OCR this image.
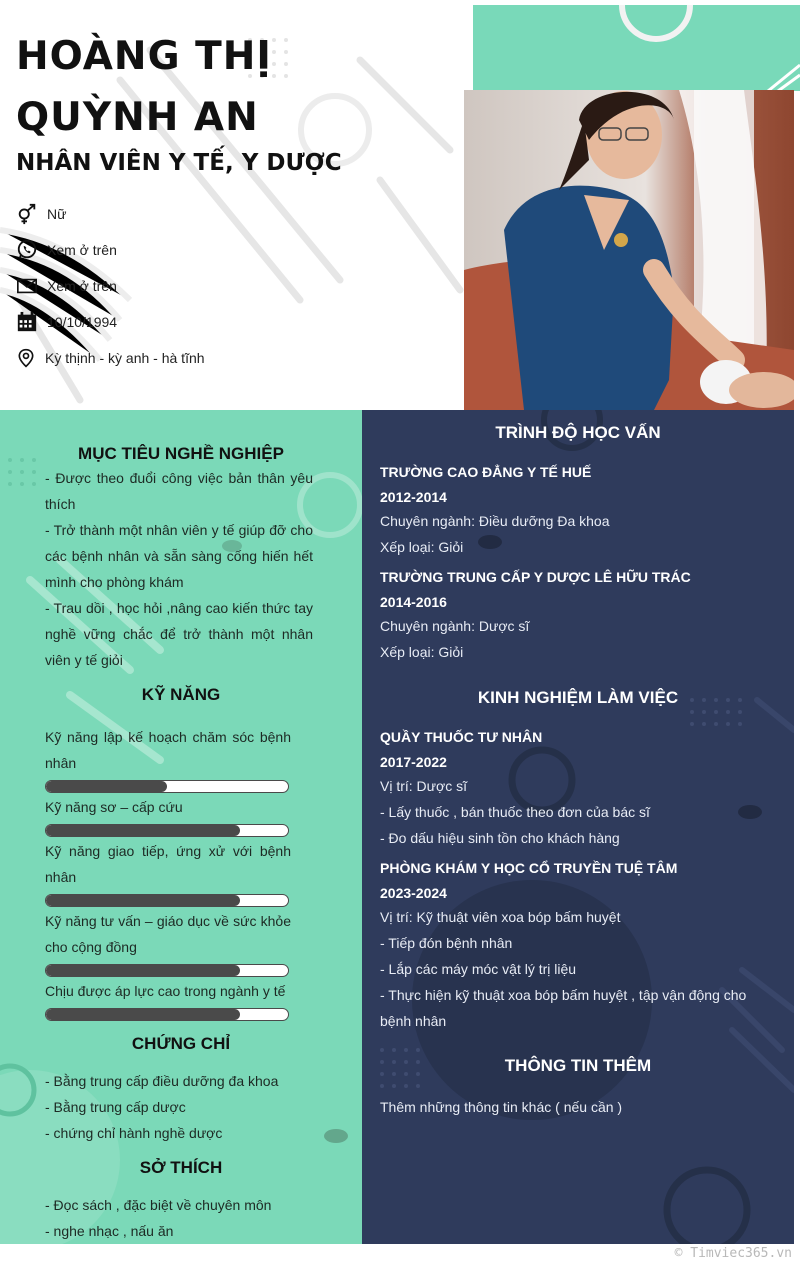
HOÀNG THỊ
QUỲNH AN
NHÂN VIÊN Y TẾ, Y DƯỢC
Nữ
Xem ở trên
Xem ở trên
10/10/1994
Kỳ thịnh - kỳ anh - hà tĩnh
MỤC TIÊU NGHỀ NGHIỆP
- Được theo đuổi công việc bản thân yêu thích
- Trở thành một nhân viên y tế giúp đỡ cho các bệnh nhân và sẵn sàng cống hiến hết mình cho phòng khám
- Trau dồi , học hỏi ,nâng cao kiến thức tay nghề vững chắc để trở thành một nhân viên y tế giỏi
KỸ NĂNG
Kỹ năng lập kế hoạch chăm sóc bệnh nhân
Kỹ năng sơ – cấp cứu
Kỹ năng giao tiếp, ứng xử với bệnh nhân
Kỹ năng tư vấn – giáo dục về sức khỏe cho cộng đồng
Chịu được áp lực cao trong ngành y tế
CHỨNG CHỈ
- Bằng trung cấp điều dưỡng đa khoa
- Bằng trung cấp dược
- chứng chỉ hành nghề dược
SỞ THÍCH
- Đọc sách , đặc biệt về chuyên môn
- nghe nhạc , nấu ăn
TRÌNH ĐỘ HỌC VẤN
TRƯỜNG CAO ĐẲNG Y TẾ HUẾ
2012-2014
Chuyên ngành: Điều dưỡng Đa khoa
Xếp loại: Giỏi
TRƯỜNG TRUNG CẤP Y DƯỢC LÊ HỮU TRÁC
2014-2016
Chuyên ngành: Dược sĩ
Xếp loại: Giỏi
KINH NGHIỆM LÀM VIỆC
QUẦY THUỐC TƯ NHÂN
2017-2022
Vị trí: Dược sĩ
- Lấy thuốc , bán thuốc theo đơn của bác sĩ
- Đo dấu hiệu sinh tồn cho khách hàng
PHÒNG KHÁM Y HỌC CỔ TRUYỀN TUỆ TÂM
2023-2024
Vị trí: Kỹ thuật viên xoa bóp bấm huyệt
- Tiếp đón bệnh nhân
- Lắp các máy móc vật lý trị liệu
- Thực hiện kỹ thuật xoa bóp bấm huyệt , tập vận động cho bệnh nhân
THÔNG TIN THÊM
Thêm những thông tin khác ( nếu cần )
© Timviec365.vn
